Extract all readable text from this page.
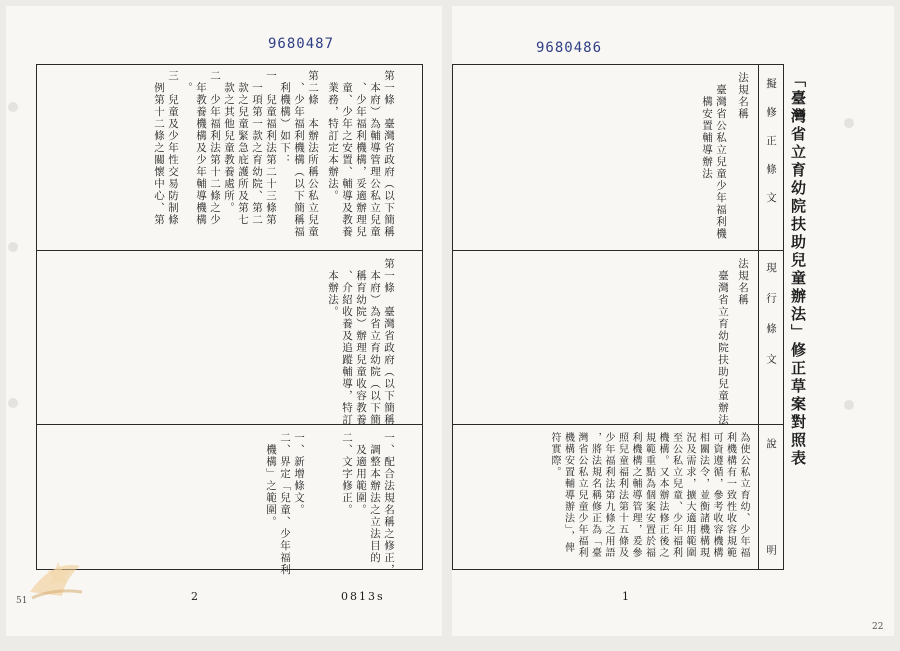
9680487
第一條　臺灣省政府（以下簡稱
　本府）為輔導管理公私立兒童
　、少年福利機構，妥適辦理兒
　童、少年之安置、輔導及教養
　業務，特訂定本辦法。
第二條　本辦法所稱公私立兒童
　、少年福利機構（以下簡稱福
　利機構）如下：
一　兒童福利法第二十三條第
　一項第一款之育幼院、第二
　款之兒童緊急庇護所及第七
　款之其他兒童教養處所。
二　少年福利法第十二條之少
　年教養機構及少年輔導機構
　。
三　兒童及少年性交易防制條
　例第十二條之關懷中心、第
第一條　臺灣省政府（以下簡稱
　本府）為省立育幼院（以下簡
　稱育幼院）辦理兒童收容教養
　、介紹收養及追蹤輔導，特訂
　本辦法。
一、配合法規名稱之修正，
　調整本辦法之立法目的
　及適用範圍。
二、文字修正。
一、新增條文。
二、界定「兒童、少年福利
　機構」之範圍。
2	0813s
51
9680486
擬修正條文
現行條文
說明
「臺灣省立育幼院扶助兒童辦法」修正草案對照表
法規名稱
臺灣省公私立兒童少年福利機
　構安置輔導辦法
法規名稱
臺灣省立育幼院扶助兒童辦法
為使公私立育幼、少年福
利機構有一致性收容規範
可資遵循，參考收容機構
相關法令，並衡諸機構現
況及需求，擴大適用範圍
至公私立兒童、少年福利
機構。又本辦法修正後之
規範重點為個案安置於福
利機構之輔導管理，爰參
照兒童福利法第十五條及
少年福利法第九條之用語
，將法規名稱修正為「臺
灣省公私立兒童少年福利
機構安置輔導辦法」，俾
符實際。
1
22
